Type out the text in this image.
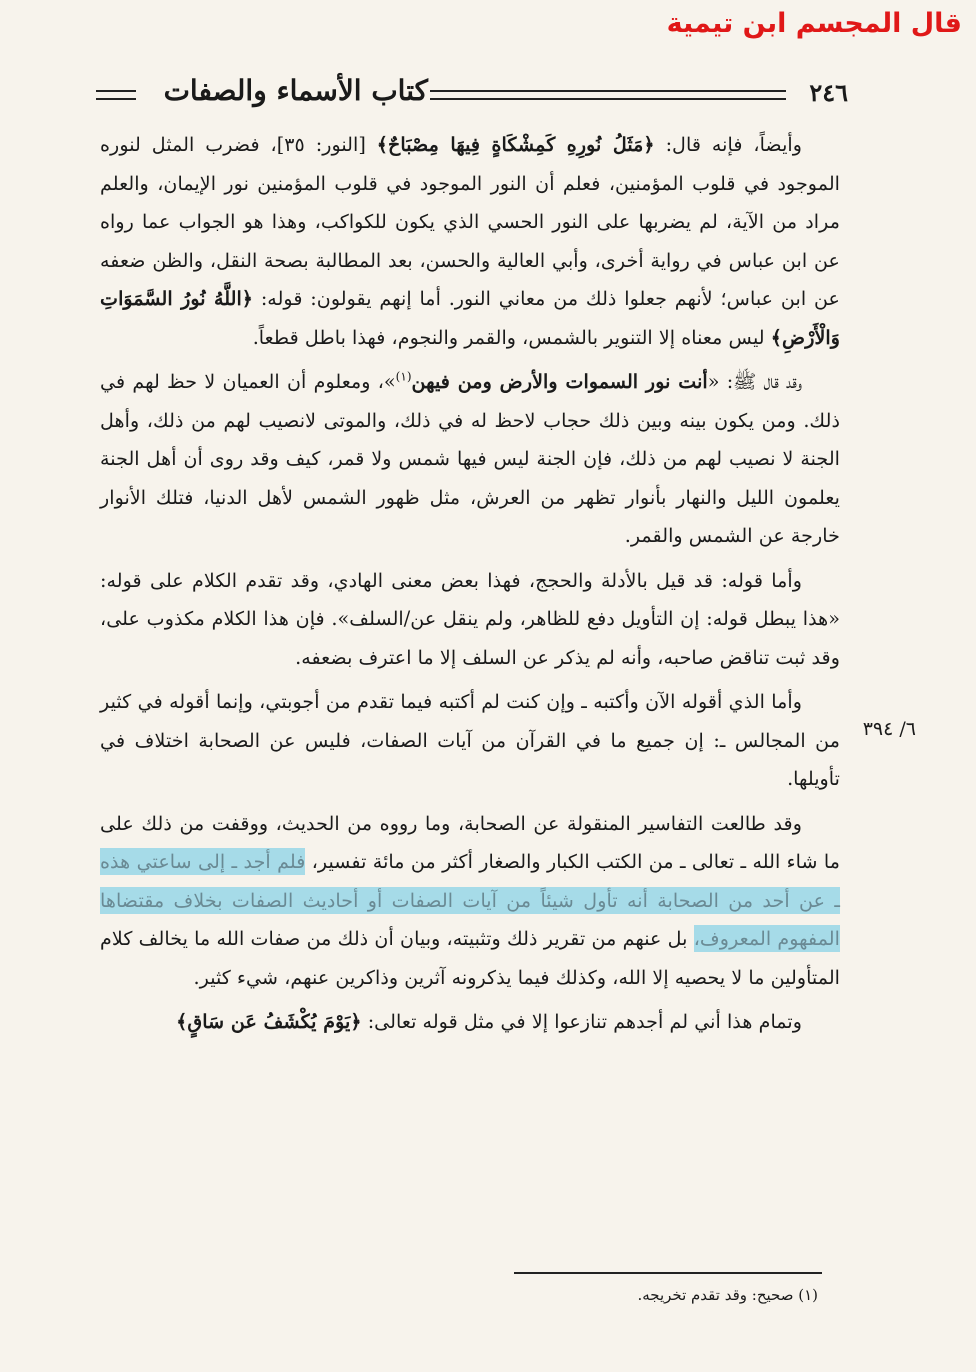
قال المجسم ابن تيمية
٢٤٦
كتاب الأسماء والصفات

وأيضاً، فإنه قال: ﴿مَثَلُ نُورِهِ كَمِشْكَاةٍ فِيهَا مِصْبَاحٌ﴾ [النور: ٣٥]، فضرب المثل لنوره الموجود في قلوب المؤمنين، فعلم أن النور الموجود في قلوب المؤمنين نور الإيمان، والعلم مراد من الآية، لم يضربها على النور الحسي الذي يكون للكواكب، وهذا هو الجواب عما رواه عن ابن عباس في رواية أخرى، وأبي العالية والحسن، بعد المطالبة بصحة النقل، والظن ضعفه عن ابن عباس؛ لأنهم جعلوا ذلك من معاني النور. أما إنهم يقولون: قوله: ﴿اللَّهُ نُورُ السَّمَوَاتِ وَالْأَرْضِ﴾ ليس معناه إلا التنوير بالشمس، والقمر والنجوم، فهذا باطل قطعاً.

وقد قال ﷺ: «أنت نور السموات والأرض ومن فيهن$^{(١)}$»، ومعلوم أن العميان لا حظ لهم في ذلك. ومن يكون بينه وبين ذلك حجاب لاحظ له في ذلك، والموتى لانصيب لهم من ذلك، وأهل الجنة لا نصيب لهم من ذلك، فإن الجنة ليس فيها شمس ولا قمر، كيف وقد روى أن أهل الجنة يعلمون الليل والنهار بأنوار تظهر من العرش، مثل ظهور الشمس لأهل الدنيا، فتلك الأنوار خارجة عن الشمس والقمر.

وأما قوله: قد قيل بالأدلة والحجج، فهذا بعض معنى الهادي، وقد تقدم الكلام على قوله: «هذا يبطل قوله: إن التأويل دفع للظاهر، ولم ينقل عن/السلف». فإن هذا الكلام مكذوب على، وقد ثبت تناقض صاحبه، وأنه لم يذكر عن السلف إلا ما اعترف بضعفه.

وأما الذي أقوله الآن وأكتبه ـ وإن كنت لم أكتبه فيما تقدم من أجوبتي، وإنما أقوله في كثير من المجالس ـ: إن جميع ما في القرآن من آيات الصفات، فليس عن الصحابة اختلاف في تأويلها.

وقد طالعت التفاسير المنقولة عن الصحابة، وما رووه من الحديث، ووقفت من ذلك على ما شاء الله ـ تعالى ـ من الكتب الكبار والصغار أكثر من مائة تفسير، فلم أجد ـ إلى ساعتي هذه ـ عن أحد من الصحابة أنه تأول شيئاً من آيات الصفات أو أحاديث الصفات بخلاف مقتضاها المفهوم المعروف، بل عنهم من تقرير ذلك وتثبيته، وبيان أن ذلك من صفات الله ما يخالف كلام المتأولين ما لا يحصيه إلا الله، وكذلك فيما يذكرونه آثرين وذاكرين عنهم، شيء كثير.

وتمام هذا أني لم أجدهم تنازعوا إلا في مثل قوله تعالى: ﴿يَوْمَ يُكْشَفُ عَن سَاقٍ﴾

٦/ ٣٩٤
(١) صحيح: وقد تقدم تخريجه.
